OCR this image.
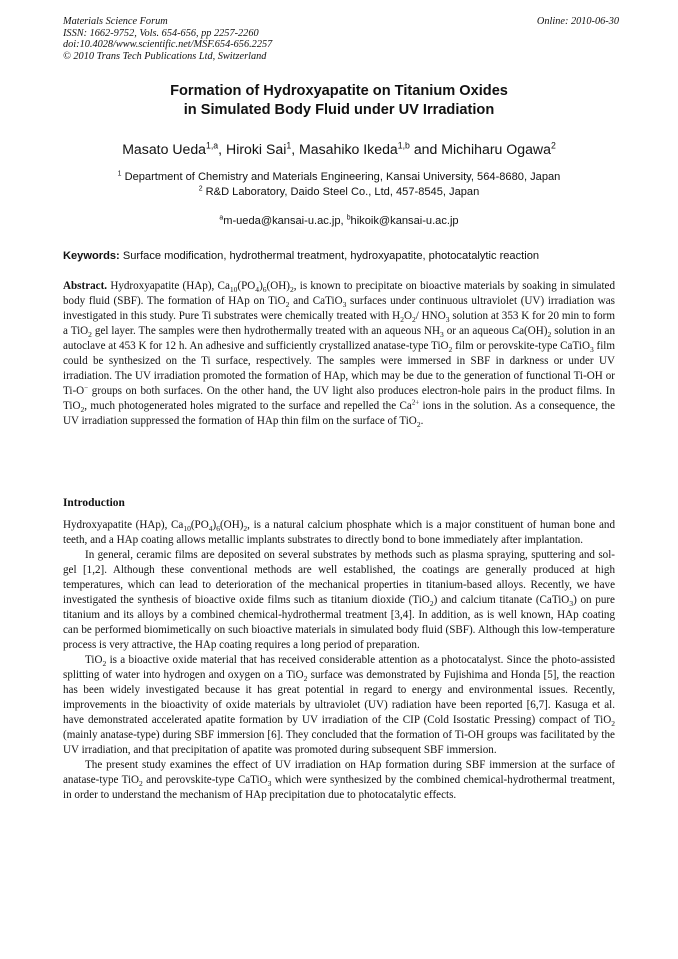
Materials Science Forum
ISSN: 1662-9752, Vols. 654-656, pp 2257-2260
doi:10.4028/www.scientific.net/MSF.654-656.2257
© 2010 Trans Tech Publications Ltd, Switzerland
Online: 2010-06-30
Formation of Hydroxyapatite on Titanium Oxides
in Simulated Body Fluid under UV Irradiation
Masato Ueda$^{1,a}$, Hiroki Sai$^1$, Masahiko Ikeda$^{1,b}$ and Michiharu Ogawa$^2$
$^1$ Department of Chemistry and Materials Engineering, Kansai University, 564-8680, Japan
$^2$ R&D Laboratory, Daido Steel Co., Ltd, 457-8545, Japan
$^a$m-ueda@kansai-u.ac.jp, $^b$hikoik@kansai-u.ac.jp
Keywords: Surface modification, hydrothermal treatment, hydroxyapatite, photocatalytic reaction
Abstract. Hydroxyapatite (HAp), $Ca_{10}(PO_4)_6(OH)_2$, is known to precipitate on bioactive materials by soaking in simulated body fluid (SBF). The formation of HAp on TiO$_2$ and CaTiO$_3$ surfaces under continuous ultraviolet (UV) irradiation was investigated in this study. Pure Ti substrates were chemically treated with $H_2O_2/$ $HNO_3$ solution at 353 K for 20 min to form a TiO$_2$ gel layer. The samples were then hydrothermally treated with an aqueous $NH_3$ or an aqueous $Ca(OH)_2$ solution in an autoclave at 453 K for 12 h. An adhesive and sufficiently crystallized anatase-type TiO$_2$ film or perovskite-type CaTiO$_3$ film could be synthesized on the Ti surface, respectively. The samples were immersed in SBF in darkness or under UV irradiation. The UV irradiation promoted the formation of HAp, which may be due to the generation of functional Ti-OH or Ti-O− groups on both surfaces. On the other hand, the UV light also produces electron-hole pairs in the product films. In TiO$_2$, much photogenerated holes migrated to the surface and repelled the $Ca^{2+}$ ions in the solution. As a consequence, the UV irradiation suppressed the formation of HAp thin film on the surface of TiO$_2$.
Introduction

Hydroxyapatite (HAp), $Ca_{10}(PO_4)_6(OH)_2$, is a natural calcium phosphate which is a major constituent of human bone and teeth, and a HAp coating allows metallic implants substrates to directly bond to bone immediately after implantation.

In general, ceramic films are deposited on several substrates by methods such as plasma spraying, sputtering and sol-gel [1,2]. Although these conventional methods are well established, the coatings are generally produced at high temperatures, which can lead to deterioration of the mechanical properties in titanium-based alloys. Recently, we have investigated the synthesis of bioactive oxide films such as titanium dioxide (TiO$_2$) and calcium titanate (CaTiO$_3$) on pure titanium and its alloys by a combined chemical-hydrothermal treatment [3,4]. In addition, as is well known, HAp coating can be performed biomimetically on such bioactive materials in simulated body fluid (SBF). Although this low-temperature process is very attractive, the HAp coating requires a long period of preparation.

TiO$_2$ is a bioactive oxide material that has received considerable attention as a photocatalyst. Since the photo-assisted splitting of water into hydrogen and oxygen on a TiO$_2$ surface was demonstrated by Fujishima and Honda [5], the reaction has been widely investigated because it has great potential in regard to energy and environmental issues. Recently, improvements in the bioactivity of oxide materials by ultraviolet (UV) radiation have been reported [6,7]. Kasuga et al. have demonstrated accelerated apatite formation by UV irradiation of the CIP (Cold Isostatic Pressing) compact of TiO$_2$ (mainly anatase-type) during SBF immersion [6]. They concluded that the formation of Ti-OH groups was facilitated by the UV irradiation, and that precipitation of apatite was promoted during subsequent SBF immersion.

The present study examines the effect of UV irradiation on HAp formation during SBF immersion at the surface of anatase-type TiO$_2$ and perovskite-type CaTiO$_3$ which were synthesized by the combined chemical-hydrothermal treatment, in order to understand the mechanism of HAp precipitation due to photocatalytic effects.
